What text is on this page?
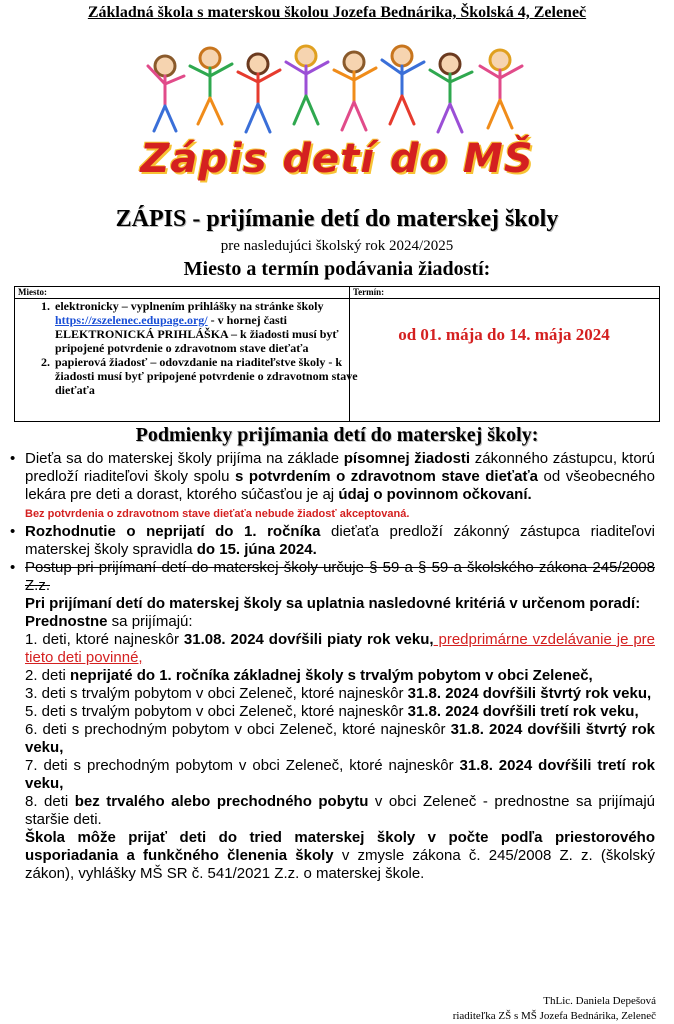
Základná škola s materskou školou Jozefa Bednárika, Školská 4, Zeleneč
Zápis detí do MŠ
ZÁPIS - prijímanie detí do materskej školy
pre nasledujúci školský rok 2024/2025
Miesto a termín podávania žiadostí:
Miesto:	Termín:
1. elektronicky – vyplnením prihlášky na stránke školy https://zszelenec.edupage.org/ - v hornej časti ELEKTRONICKÁ PRIHLÁŠKA – k žiadosti musí byť pripojené potvrdenie o zdravotnom stave dieťaťa
2. papierová žiadosť – odovzdanie na riaditeľstve školy - k žiadosti musí byť pripojené potvrdenie o zdravotnom stave dieťaťa
od 01. mája do 14. mája 2024
Podmienky prijímania detí do materskej školy:
• Dieťa sa do materskej školy prijíma na základe písomnej žiadosti zákonného zástupcu, ktorú predloží riaditeľovi školy spolu s potvrdením o zdravotnom stave dieťaťa od všeobecného lekára pre deti a dorast, ktorého súčasťou je aj údaj o povinnom očkovaní.
Bez potvrdenia o zdravotnom stave dieťaťa nebude žiadosť akceptovaná.
• Rozhodnutie o neprijatí do 1. ročníka dieťaťa predloží zákonný zástupca riaditeľovi materskej školy spravidla do 15. júna 2024.
• Postup pri prijímaní detí do materskej školy určuje § 59 a § 59 a školského zákona 245/2008 Z.z.
Pri prijímaní detí do materskej školy sa uplatnia nasledovné kritériá v určenom poradí:
Prednostne sa prijímajú:
1. deti, ktoré najneskôr 31.08. 2024 dovŕšili piaty rok veku, predprimárne vzdelávanie je pre tieto deti povinné,
2. deti neprijaté do 1. ročníka základnej školy s trvalým pobytom v obci Zeleneč,
3. deti s trvalým pobytom v obci Zeleneč, ktoré najneskôr 31.8. 2024 dovŕšili štvrtý rok veku,
5. deti s trvalým pobytom v obci Zeleneč, ktoré najneskôr 31.8. 2024 dovŕšili tretí rok veku,
6. deti s prechodným pobytom v obci Zeleneč, ktoré najneskôr 31.8. 2024 dovŕšili štvrtý rok veku,
7. deti s prechodným pobytom v obci Zeleneč, ktoré najneskôr 31.8. 2024 dovŕšili tretí rok veku,
8. deti bez trvalého alebo prechodného pobytu v obci Zeleneč - prednostne sa prijímajú staršie deti.
Škola môže prijať deti do tried materskej školy v počte podľa priestorového usporiadania a funkčného členenia školy v zmysle zákona č. 245/2008 Z. z. (školský zákon), vyhlášky MŠ SR č. 541/2021 Z.z. o materskej škole.
ThLic. Daniela Depešová
riaditeľka ZŠ s MŠ Jozefa Bednárika, Zeleneč
